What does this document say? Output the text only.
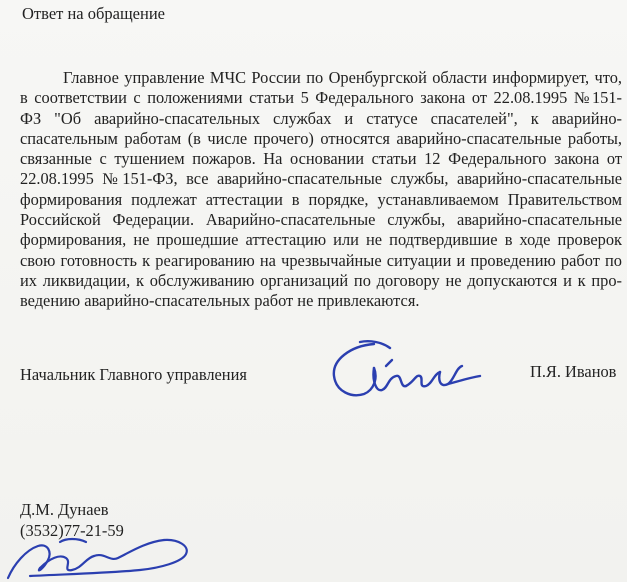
Ответ на обращение
Главное управление МЧС России по Оренбургской области информирует, что,
в соответствии с положениями статьи 5 Федерального закона от 22.08.1995 №151-
ФЗ "Об аварийно-спасательных службах и статусе спасателей", к аварийно-
спасательным работам (в числе прочего) относятся аварийно-спасательные работы,
связанные с тушением пожаров. На основании статьи 12 Федерального закона от
22.08.1995 №151-ФЗ, все аварийно-спасательные службы, аварийно-спасательные
формирования подлежат аттестации в порядке, устанавливаемом Правительством
Российской Федерации. Аварийно-спасательные службы, аварийно-спасательные
формирования, не прошедшие аттестацию или не подтвердившие в ходе проверок
свою готовность к реагированию на чрезвычайные ситуации и проведению работ по
их ликвидации, к обслуживанию организаций по договору не допускаются и к про-
ведению аварийно-спасательных работ не привлекаются.
Начальник Главного управления	П.Я. Иванов
Д.М. Дунаев
(3532)77-21-59
